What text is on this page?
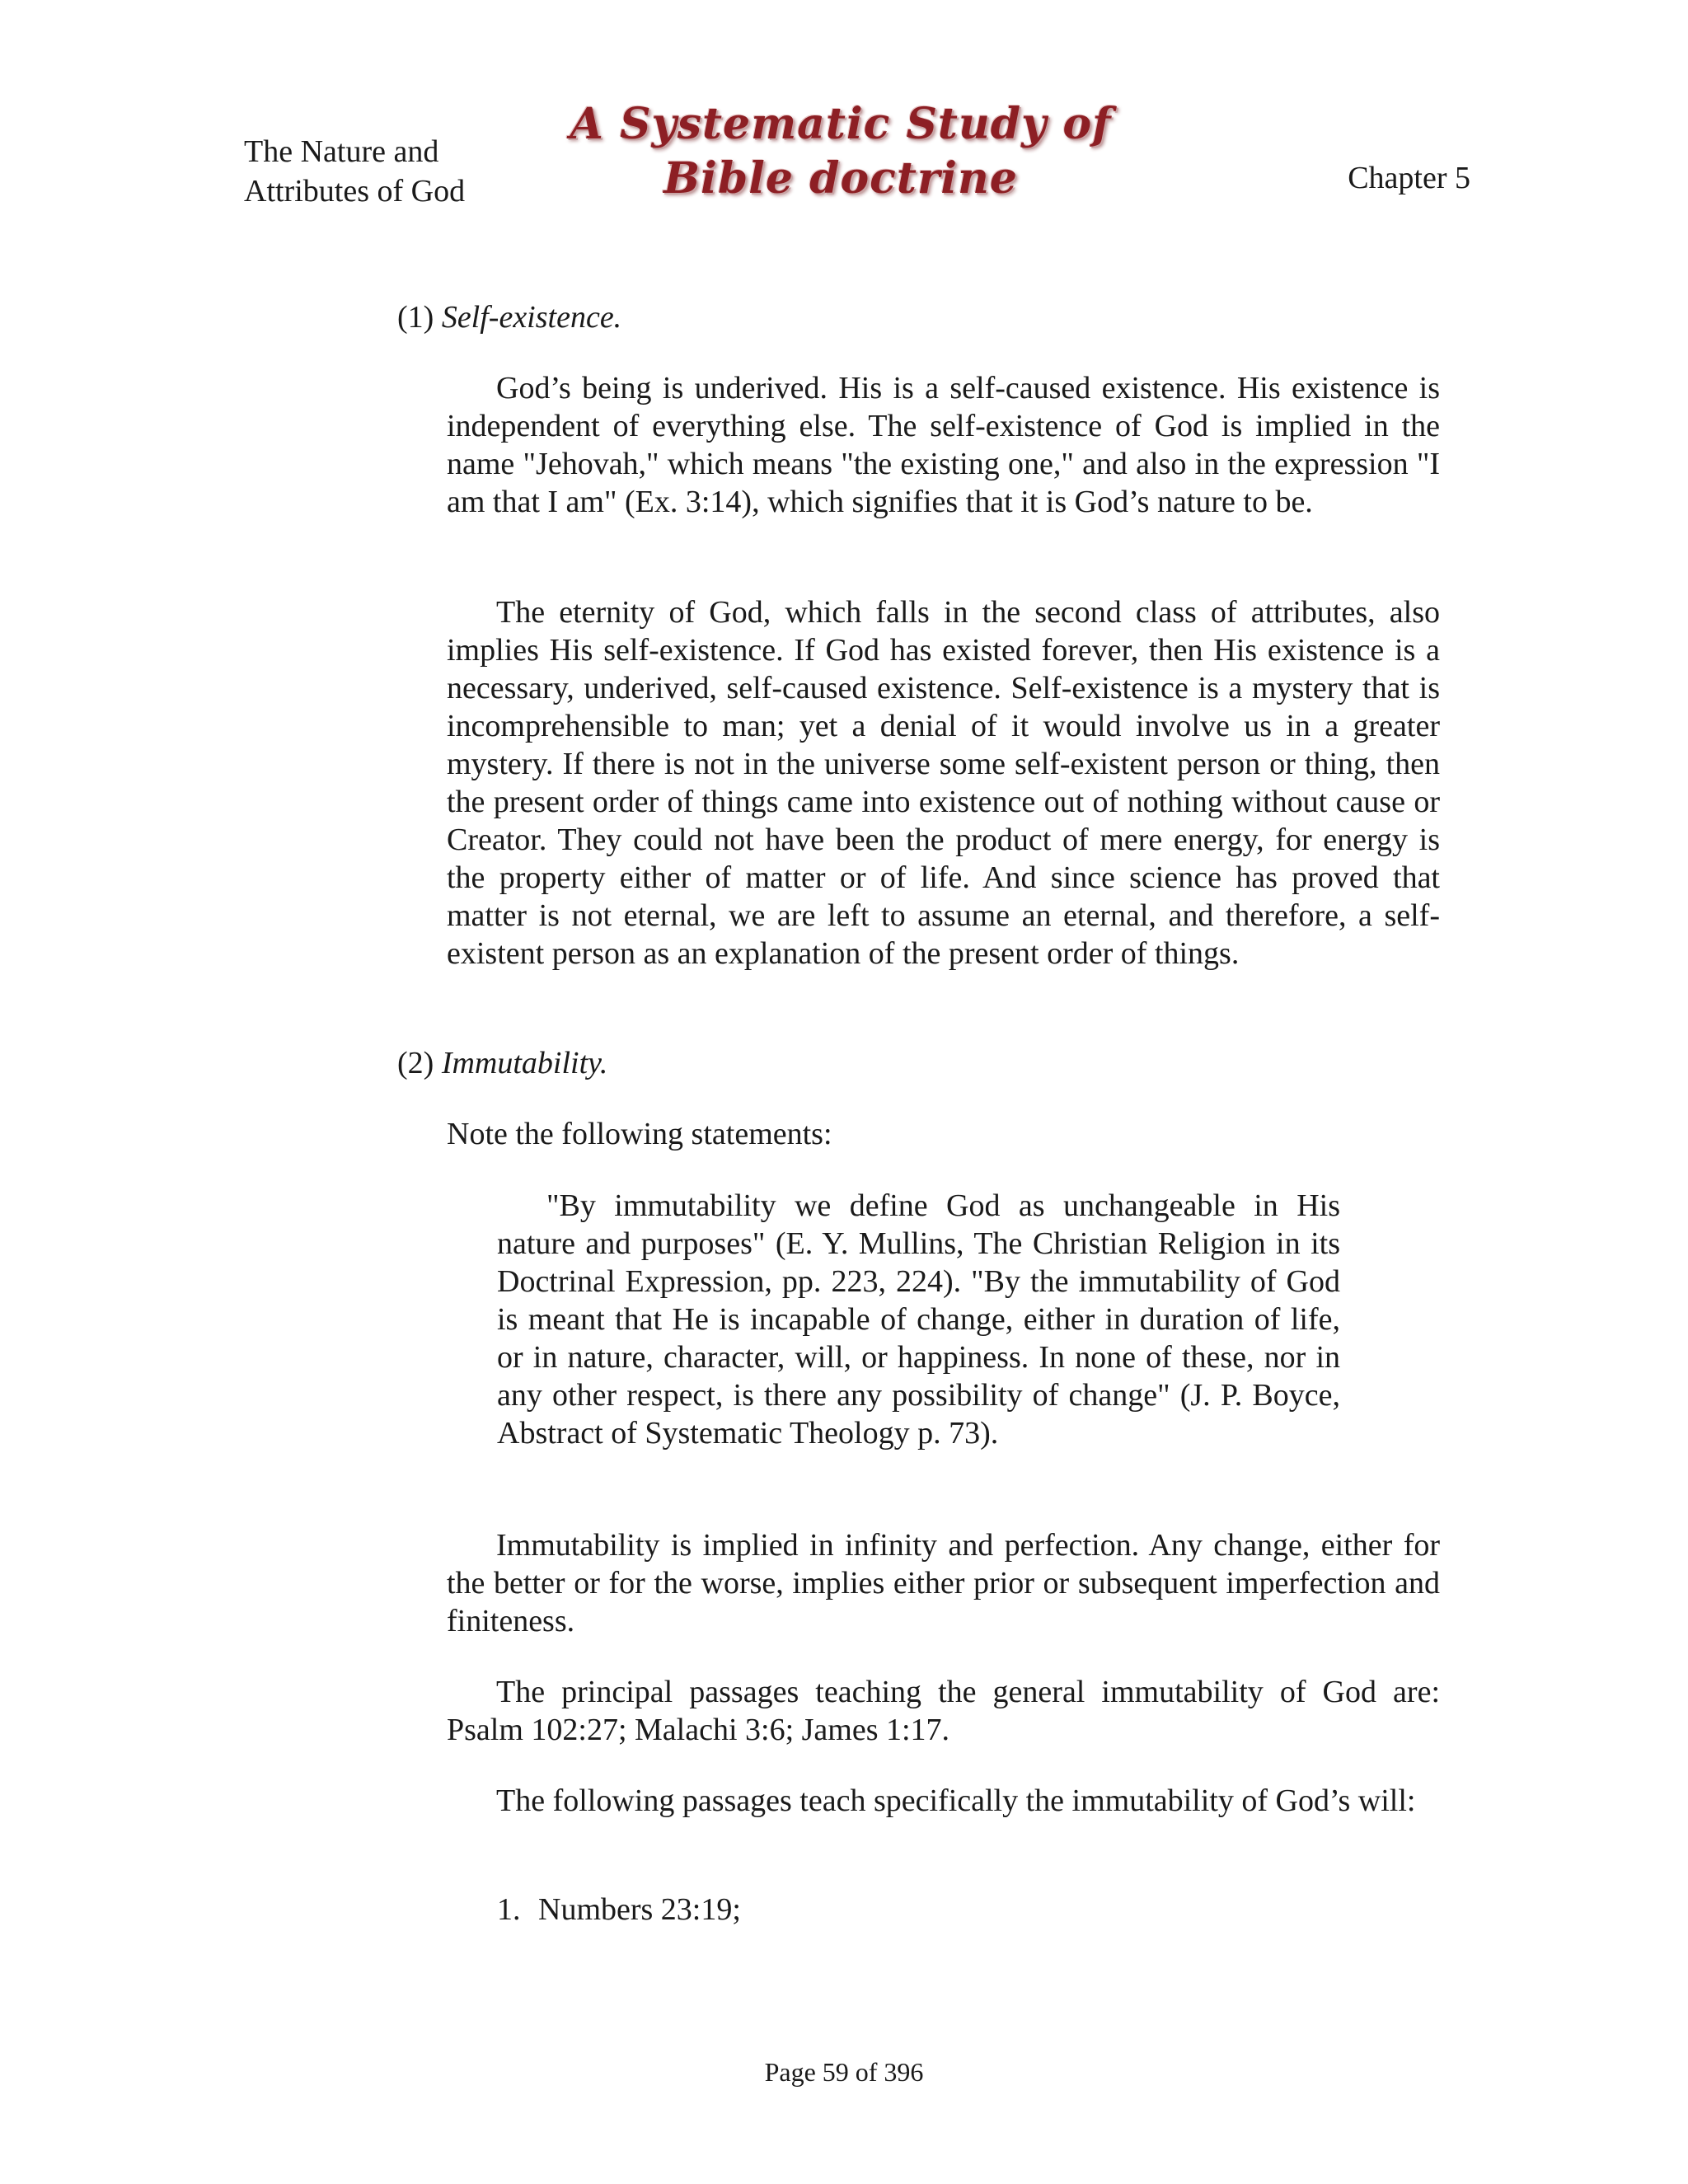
The Nature and
Attributes of God
A Systematic Study of
Bible doctrine	Chapter 5
(1) Self-existence.

God’s being is underived. His is a self-caused existence. His existence is independent of everything else. The self-existence of God is implied in the name "Jehovah," which means "the existing one," and also in the expression "I am that I am" (Ex. 3:14), which signifies that it is God’s nature to be.

The eternity of God, which falls in the second class of attributes, also implies His self-existence. If God has existed forever, then His existence is a necessary, underived, self-caused existence. Self-existence is a mystery that is incomprehensible to man; yet a denial of it would involve us in a greater mystery. If there is not in the universe some self-existent person or thing, then the present order of things came into existence out of nothing without cause or Creator. They could not have been the product of mere energy, for energy is the property either of matter or of life. And since science has proved that matter is not eternal, we are left to assume an eternal, and therefore, a self-existent person as an explanation of the present order of things.

(2) Immutability.

Note the following statements:

"By immutability we define God as unchangeable in His nature and purposes" (E. Y. Mullins, The Christian Religion in its Doctrinal Expression, pp. 223, 224). "By the immutability of God is meant that He is incapable of change, either in duration of life, or in nature, character, will, or happiness. In none of these, nor in any other respect, is there any possibility of change" (J. P. Boyce, Abstract of Systematic Theology p. 73).

Immutability is implied in infinity and perfection. Any change, either for the better or for the worse, implies either prior or subsequent imperfection and finiteness.

The principal passages teaching the general immutability of God are: Psalm 102:27; Malachi 3:6; James 1:17.

The following passages teach specifically the immutability of God’s will:

1. Numbers 23:19;

Page 59 of 396
